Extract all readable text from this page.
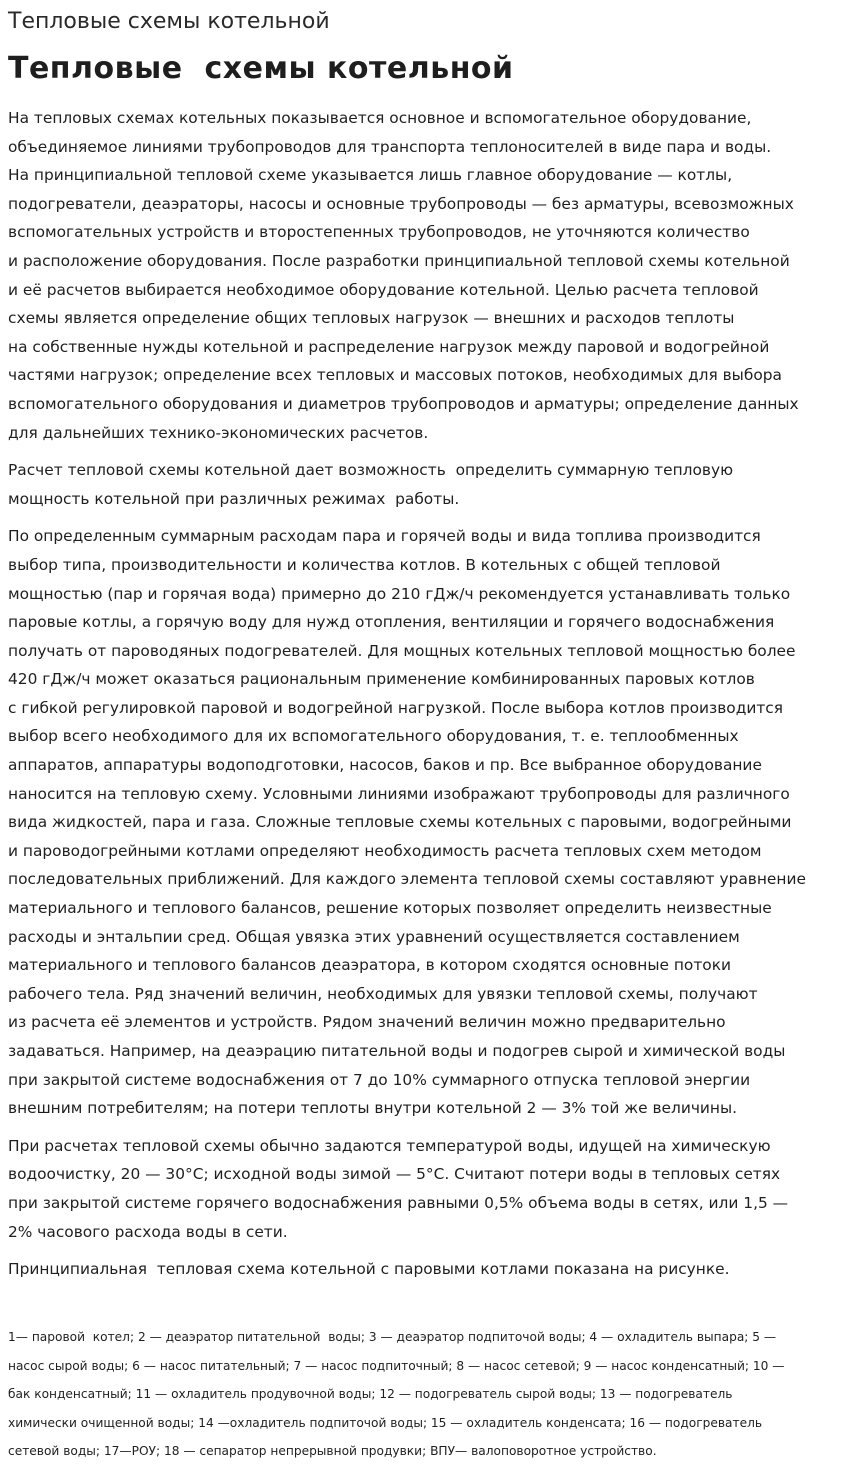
Тепловые схемы котельной
Тепловые  схемы котельной

На тепловых схемах котельных показывается основное и вспомогательное оборудование,
объединяемое линиями трубопроводов для транспорта теплоносителей в виде пара и воды.
На принципиальной тепловой схеме указывается лишь главное оборудование — котлы,
подогреватели, деаэраторы, насосы и основные трубопроводы — без арматуры, всевозможных
вспомогательных устройств и второстепенных трубопроводов, не уточняются количество
и расположение оборудования. После разработки принципиальной тепловой схемы котельной
и её расчетов выбирается необходимое оборудование котельной. Целью расчета тепловой
схемы является определение общих тепловых нагрузок — внешних и расходов теплоты
на собственные нужды котельной и распределение нагрузок между паровой и водогрейной
частями нагрузок; определение всех тепловых и массовых потоков, необходимых для выбора
вспомогательного оборудования и диаметров трубопроводов и арматуры; определение данных
для дальнейших технико-экономических расчетов.

Расчет тепловой схемы котельной дает возможность  определить суммарную тепловую
мощность котельной при различных режимах  работы.

По определенным суммарным расходам пара и горячей воды и вида топлива производится
выбор типа, производительности и количества котлов. В котельных с общей тепловой
мощностью (пар и горячая вода) примерно до 210 гДж/ч рекомендуется устанавливать только
паровые котлы, а горячую воду для нужд отопления, вентиляции и горячего водоснабжения
получать от пароводяных подогревателей. Для мощных котельных тепловой мощностью более
420 гДж/ч может оказаться рациональным применение комбинированных паровых котлов
с гибкой регулировкой паровой и водогрейной нагрузкой. После выбора котлов производится
выбор всего необходимого для их вспомогательного оборудования, т. е. теплообменных
аппаратов, аппаратуры водоподготовки, насосов, баков и пр. Все выбранное оборудование
наносится на тепловую схему. Условными линиями изображают трубопроводы для различного
вида жидкостей, пара и газа. Сложные тепловые схемы котельных с паровыми, водогрейными
и пароводогрейными котлами определяют необходимость расчета тепловых схем методом
последовательных приближений. Для каждого элемента тепловой схемы составляют уравнение
материального и теплового балансов, решение которых позволяет определить неизвестные
расходы и энтальпии сред. Общая увязка этих уравнений осуществляется составлением
материального и теплового балансов деаэратора, в котором сходятся основные потоки
рабочего тела. Ряд значений величин, необходимых для увязки тепловой схемы, получают
из расчета её элементов и устройств. Рядом значений величин можно предварительно
задаваться. Например, на деаэрацию питательной воды и подогрев сырой и химической воды
при закрытой системе водоснабжения от 7 до 10% суммарного отпуска тепловой энергии
внешним потребителям; на потери теплоты внутри котельной 2 — 3% той же величины.

При расчетах тепловой схемы обычно задаются температурой воды, идущей на химическую
водоочистку, 20 — 30°С; исходной воды зимой — 5°С. Считают потери воды в тепловых сетях
при закрытой системе горячего водоснабжения равными 0,5% объема воды в сетях, или 1,5 —
2% часового расхода воды в сети.

Принципиальная  тепловая схема котельной с паровыми котлами показана на рисунке.

1— паровой  котел; 2 — деаэратор питательной  воды; 3 — деаэратор подпиточой воды; 4 — охладитель выпара; 5 —
насос сырой воды; 6 — насос питательный; 7 — насос подпиточный; 8 — насос сетевой; 9 — насос конденсатный; 10 —
бак конденсатный; 11 — охладитель продувочной воды; 12 — подогреватель сырой воды; 13 — подогреватель
химически очищенной воды; 14 —охладитель подпиточой воды; 15 — охладитель конденсата; 16 — подогреватель
сетевой воды; 17—РОУ; 18 — сепаратор непрерывной продувки; ВПУ— валоповоротное устройство.
